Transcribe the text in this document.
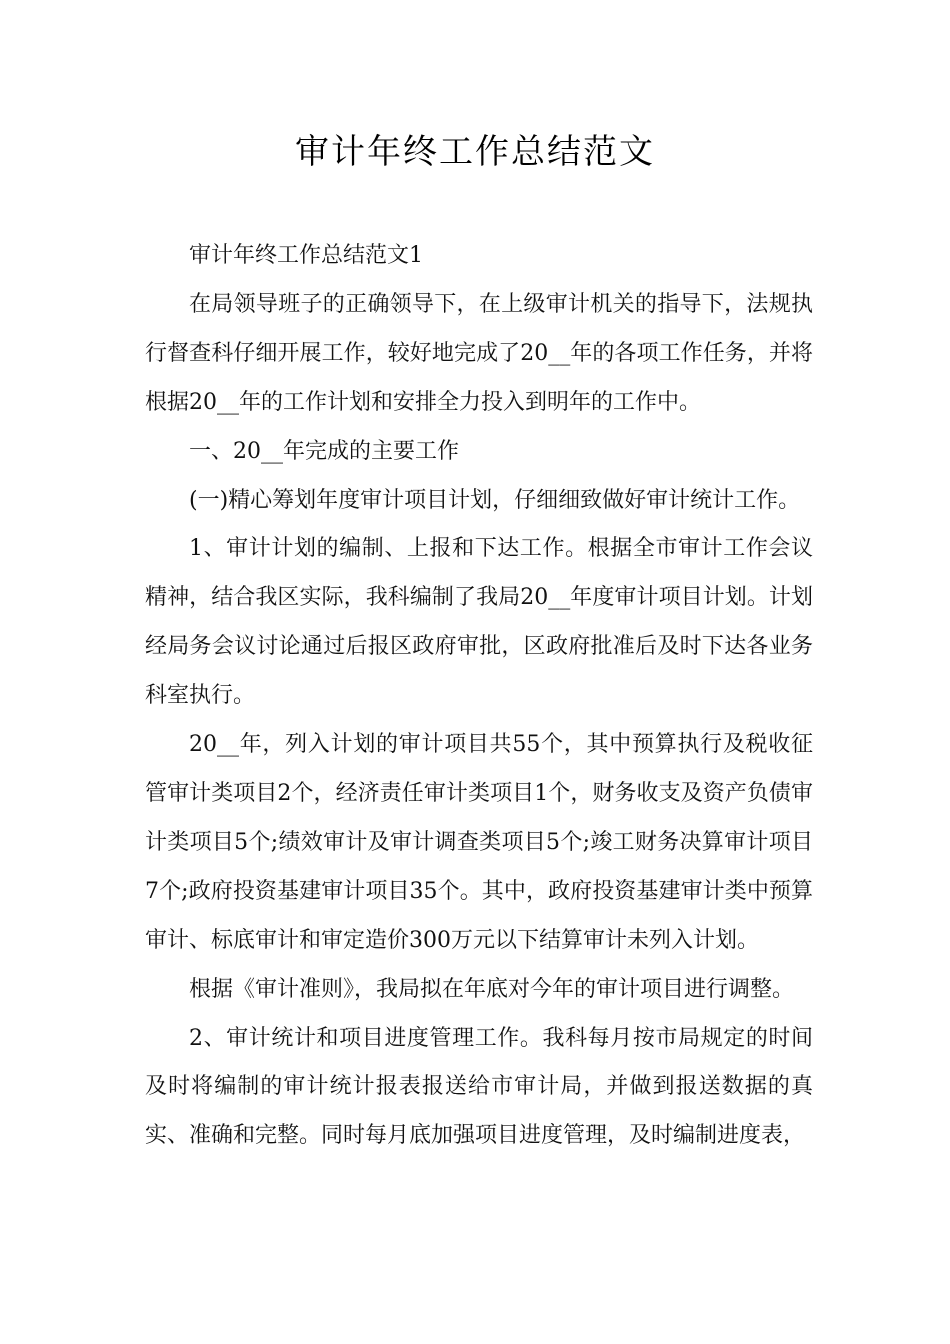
审计年终工作总结范文

审计年终工作总结范文1

在局领导班子的正确领导下，在上级审计机关的指导下，法规执行督查科仔细开展工作，较好地完成了20__年的各项工作任务，并将根据20__年的工作计划和安排全力投入到明年的工作中。

一、20__年完成的主要工作

(一)精心筹划年度审计项目计划，仔细细致做好审计统计工作。

1、审计计划的编制、上报和下达工作。根据全市审计工作会议精神，结合我区实际，我科编制了我局20__年度审计项目计划。计划经局务会议讨论通过后报区政府审批，区政府批准后及时下达各业务科室执行。

20__年，列入计划的审计项目共55个，其中预算执行及税收征管审计类项目2个，经济责任审计类项目1个，财务收支及资产负债审计类项目5个;绩效审计及审计调查类项目5个;竣工财务决算审计项目7个;政府投资基建审计项目35个。其中，政府投资基建审计类中预算审计、标底审计和审定造价300万元以下结算审计未列入计划。

根据《审计准则》，我局拟在年底对今年的审计项目进行调整。

2、审计统计和项目进度管理工作。我科每月按市局规定的时间及时将编制的审计统计报表报送给市审计局，并做到报送数据的真实、准确和完整。同时每月底加强项目进度管理，及时编制进度表，
